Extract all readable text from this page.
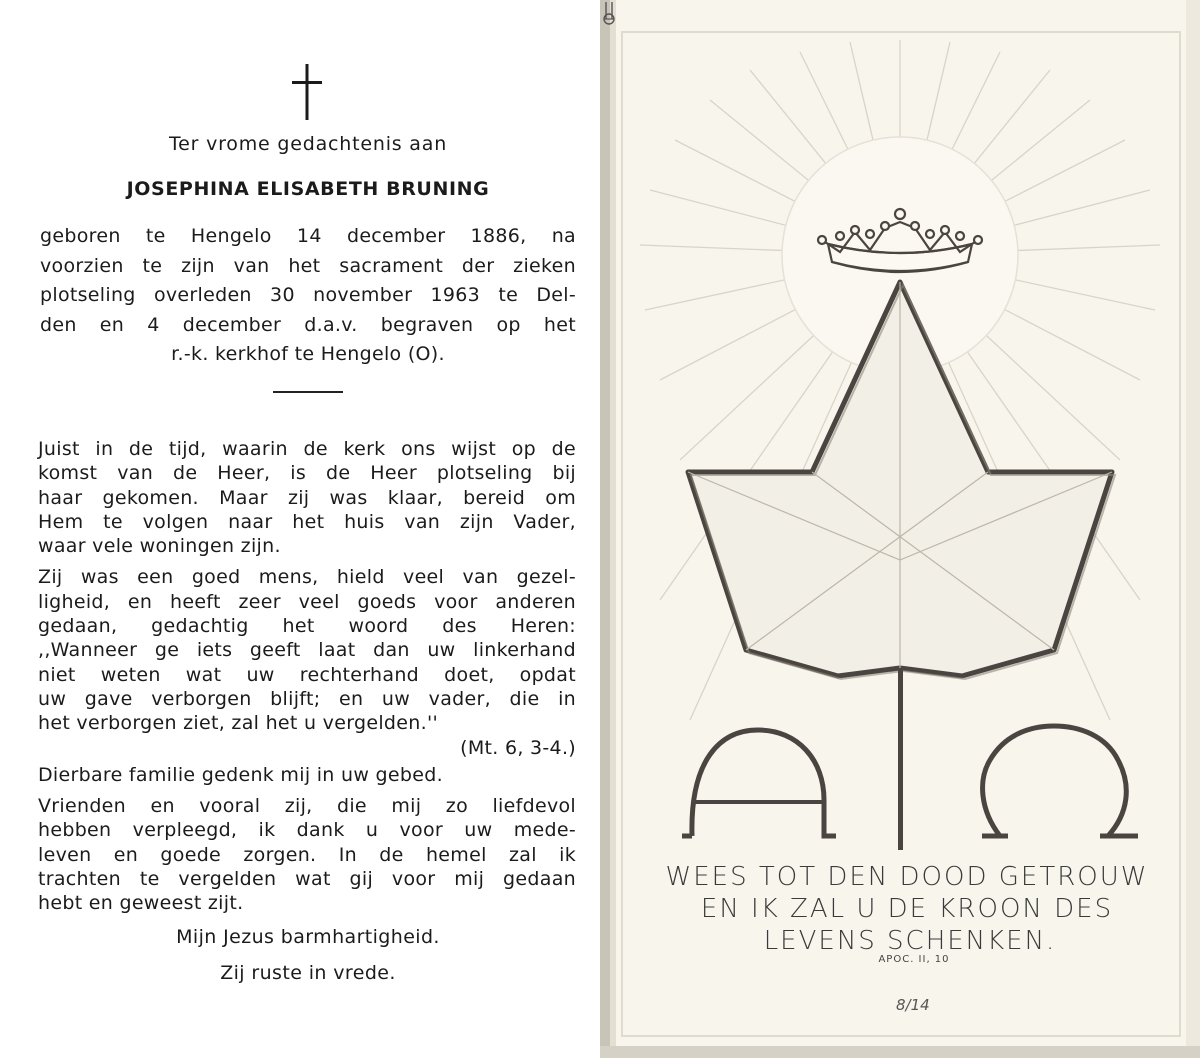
Ter vrome gedachtenis aan
JOSEPHINA ELISABETH BRUNING
geboren te Hengelo 14 december 1886, na
voorzien te zijn van het sacrament der zieken
plotseling overleden 30 november 1963 te Del-
den en 4 december d.a.v. begraven op het
r.-k. kerkhof te Hengelo (O).
Juist in de tijd, waarin de kerk ons wijst op de
komst van de Heer, is de Heer plotseling bij
haar gekomen. Maar zij was klaar, bereid om
Hem te volgen naar het huis van zijn Vader,
waar vele woningen zijn.
Zij was een goed mens, hield veel van gezel-
ligheid, en heeft zeer veel goeds voor anderen
gedaan, gedachtig het woord des Heren:
,,Wanneer ge iets geeft laat dan uw linkerhand
niet weten wat uw rechterhand doet, opdat
uw gave verborgen blijft; en uw vader, die in
het verborgen ziet, zal het u vergelden.''
(Mt. 6, 3-4.)
Dierbare familie gedenk mij in uw gebed.
Vrienden en vooral zij, die mij zo liefdevol
hebben verpleegd, ik dank u voor uw mede-
leven en goede zorgen. In de hemel zal ik
trachten te vergelden wat gij voor mij gedaan
hebt en geweest zijt.
Mijn Jezus barmhartigheid.
Zij ruste in vrede.
WEES TOT DEN DOOD GETROUW
EN IK ZAL U DE KROON DES
LEVENS SCHENKEN.
APOC. II, 10
8/14
